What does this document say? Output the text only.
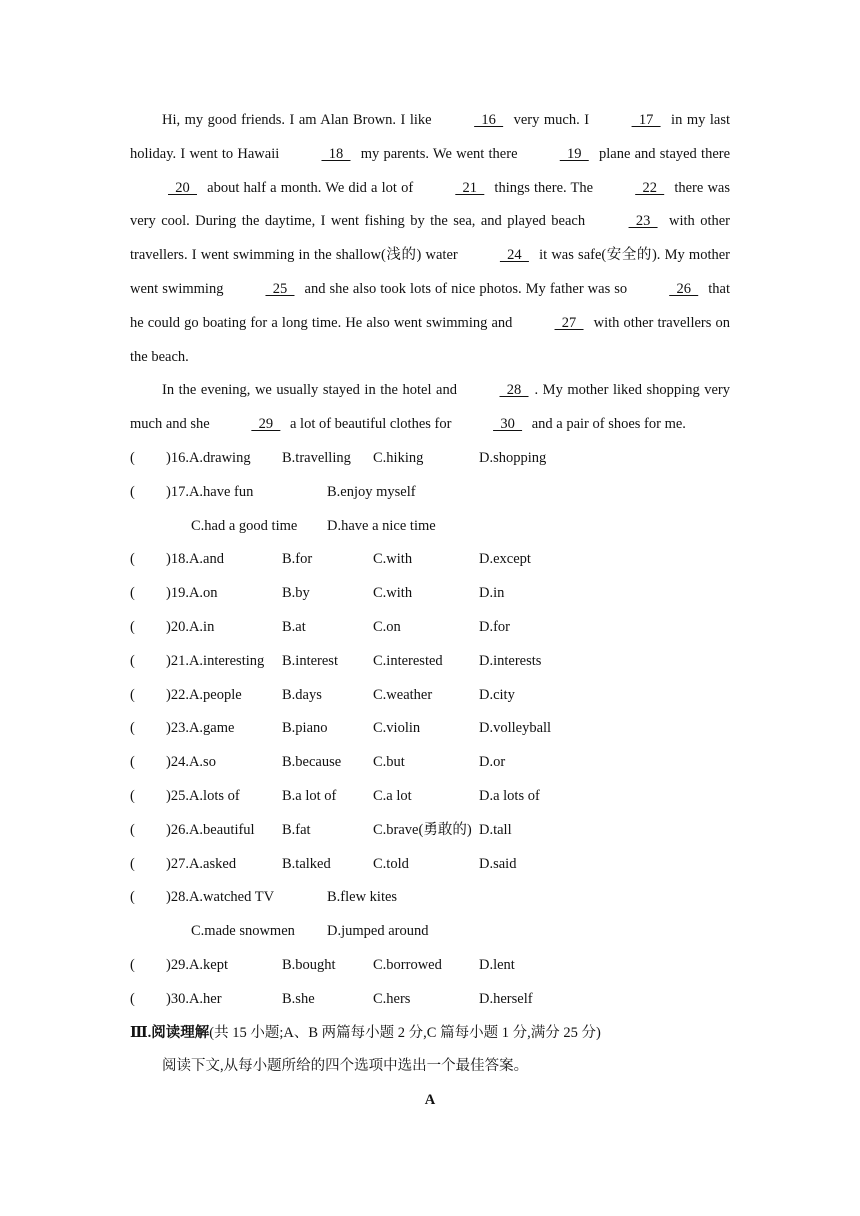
Hi, my good friends. I am Alan Brown. I like	 16  very much. I	 17  in my last holiday. I went to Hawaii	 18  my parents. We went there	 19  plane and stayed there  20  about half a month. We did a lot of	 21  things there. The	 22  there was very cool. During the daytime, I went fishing by the sea, and played beach	 23  with other travellers. I went swimming in the shallow(浅的) water	 24  it was safe(安全的). My mother went swimming	 25  and she also took lots of nice photos. My father was so	 26  that he could go boating for a long time. He also went swimming and	 27  with other travellers on the beach.

In the evening, we usually stayed in the hotel and	 28 . My mother liked shopping very much and she	 29  a lot of beautiful clothes for	 30  and a pair of shoes for me.

( )16.A.drawing B.travelling C.hiking	D.shopping
( )17.A.have fun	B.enjoy myself
C.had a good time D.have a nice time
( )18.A.and	B.for	C.with	D.except
( )19.A.on	B.by	C.with	D.in
( )20.A.in	B.at	C.on	D.for
( )21.A.interesting B.interest C.interested	D.interests
( )22.A.people	B.days	C.weather	D.city
( )23.A.game	B.piano	C.violin	D.volleyball
( )24.A.so	B.because C.but	D.or
( )25.A.lots of	B.a lot of	C.a lot	D.a lots of
( )26.A.beautiful B.fat	C.brave(勇敢的) D.tall
( )27.A.asked	B.talked	C.told	D.said
( )28.A.watched TV	B.flew kites
C.made snowmen D.jumped around
( )29.A.kept	B.bought	C.borrowed	D.lent
( )30.A.her	B.she	C.hers	D.herself
Ⅲ.阅读理解(共 15 小题;A、B 两篇每小题 2 分,C 篇每小题 1 分,满分 25 分)
阅读下文,从每小题所给的四个选项中选出一个最佳答案。
A
